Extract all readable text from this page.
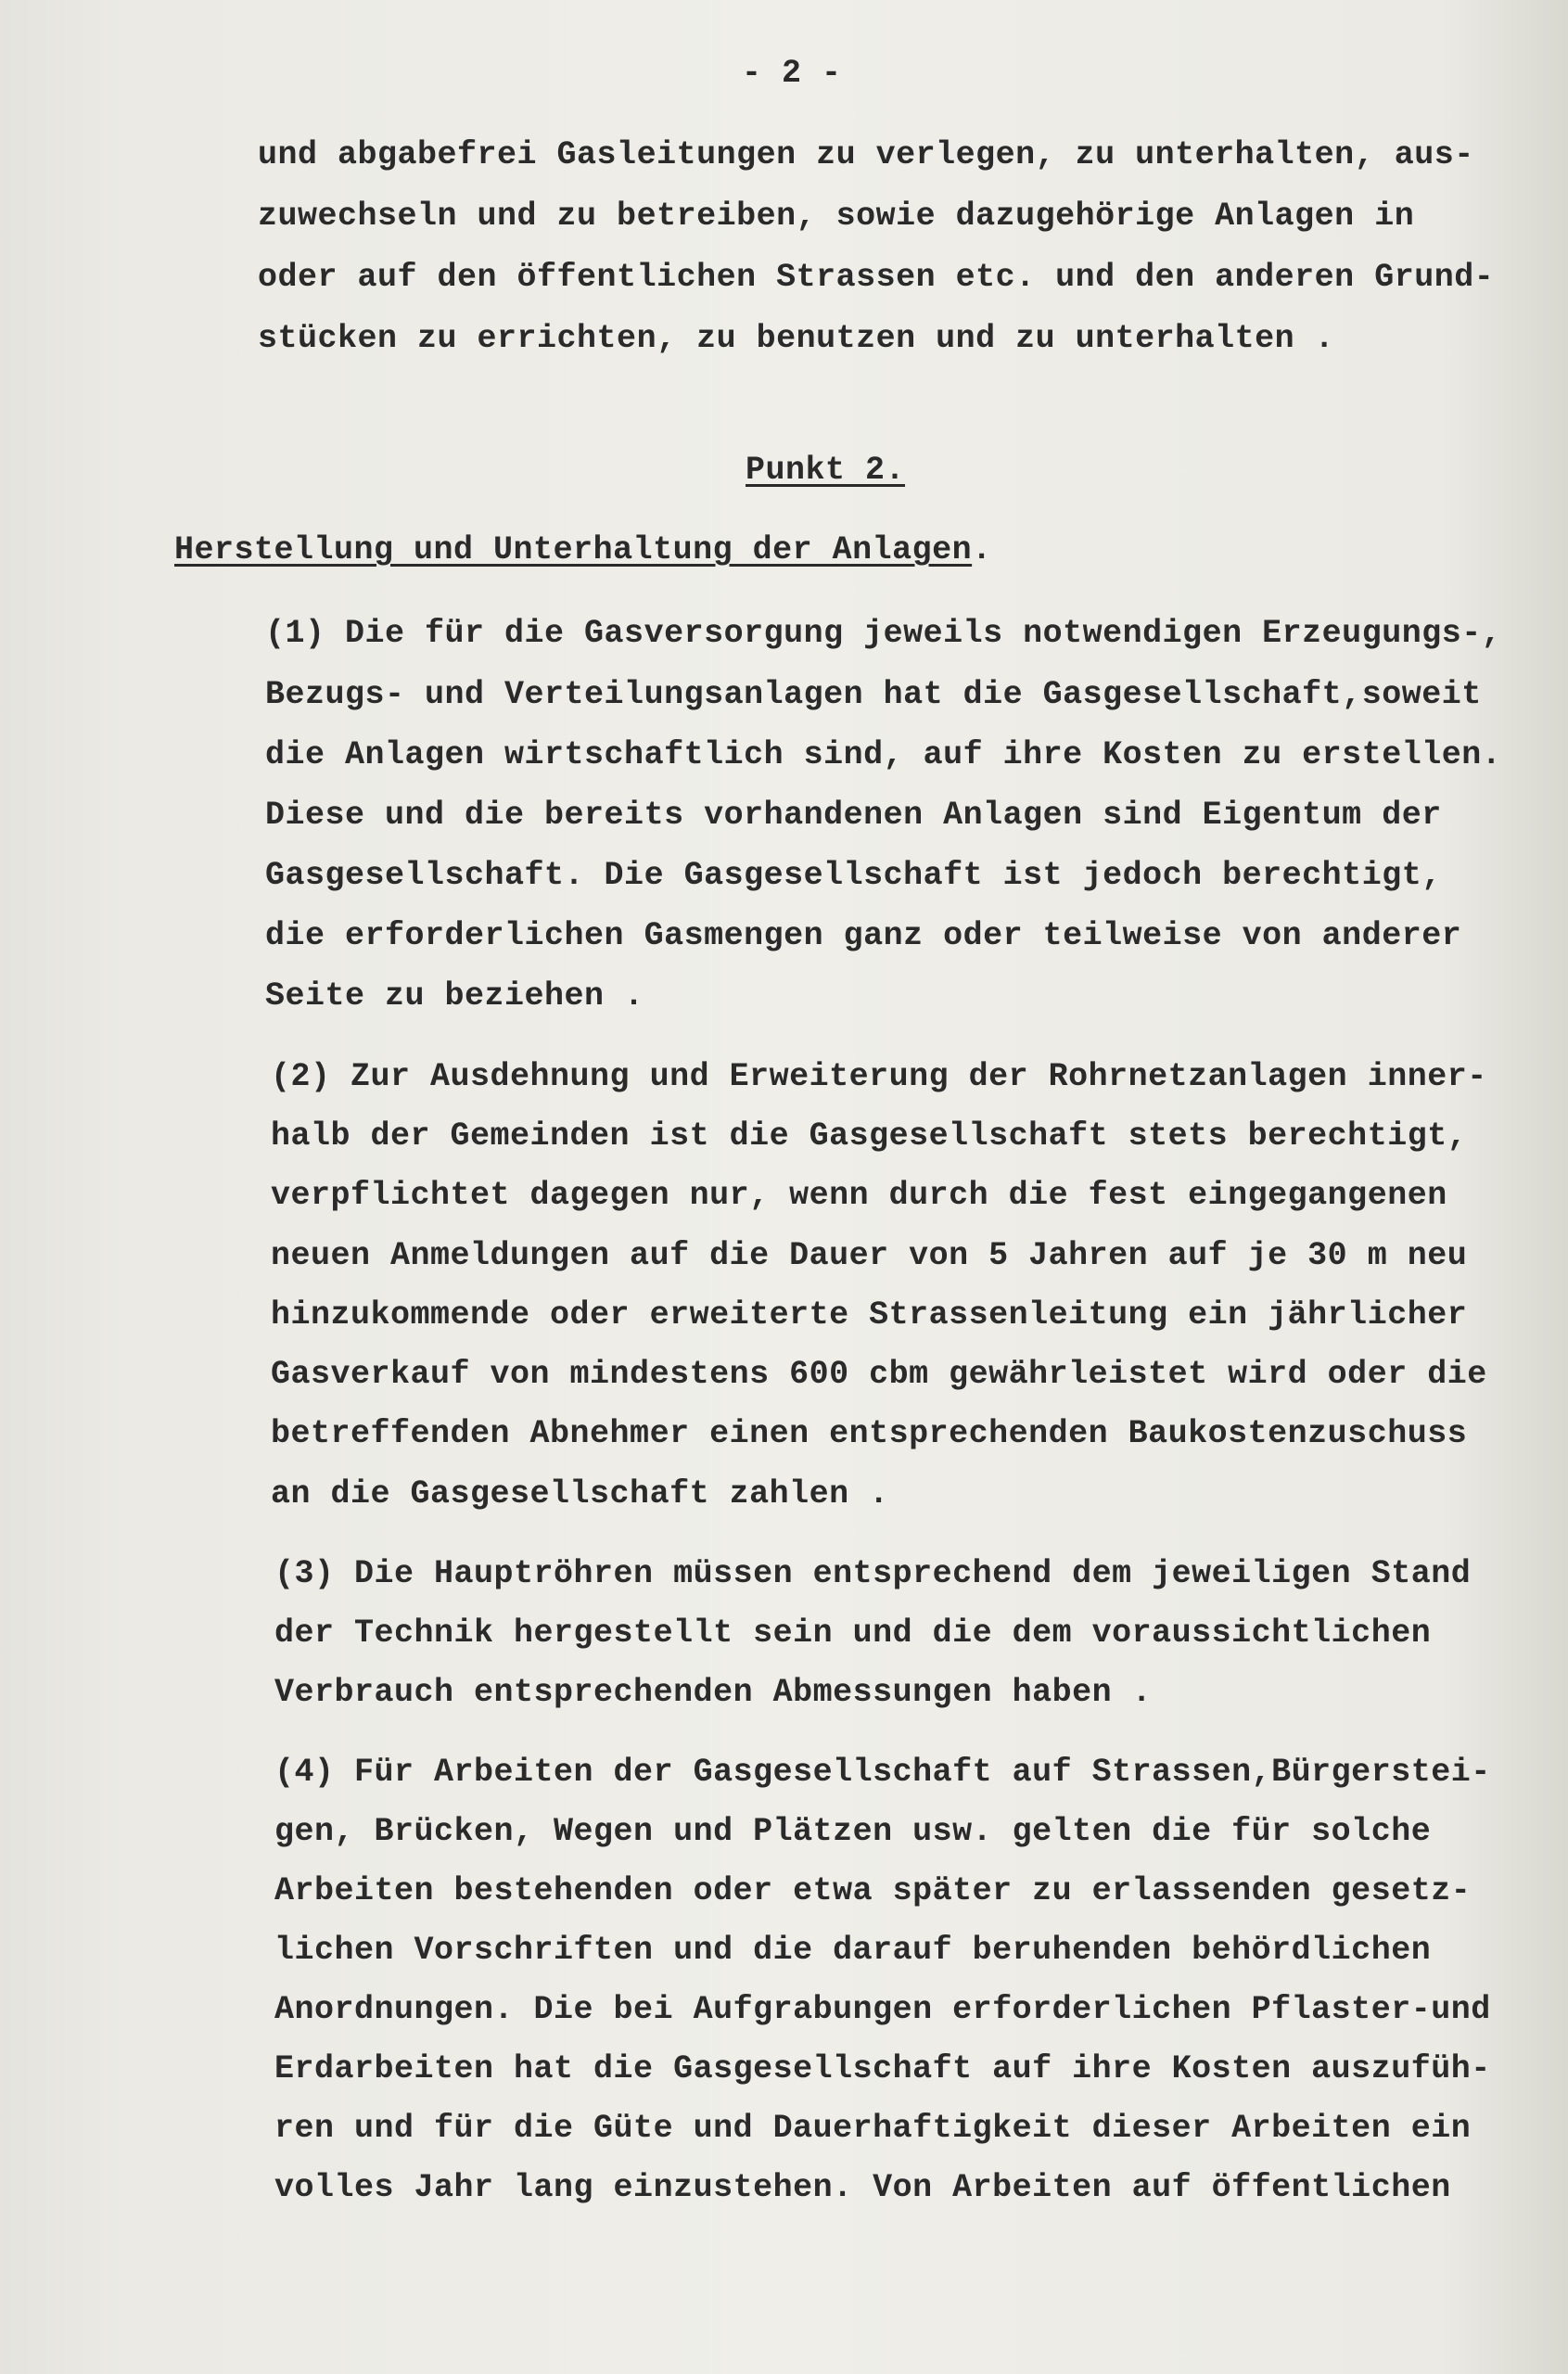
- 2 -
und abgabefrei Gasleitungen zu verlegen, zu unterhalten, aus-
zuwechseln und zu betreiben, sowie dazugehörige Anlagen in
oder auf den öffentlichen Strassen etc. und den anderen Grund-
stücken zu errichten, zu benutzen und zu unterhalten .
Punkt 2.
Herstellung und Unterhaltung der Anlagen.
(1) Die für die Gasversorgung jeweils notwendigen Erzeugungs-,
Bezugs- und Verteilungsanlagen hat die Gasgesellschaft,soweit
die Anlagen wirtschaftlich sind, auf ihre Kosten zu erstellen.
Diese und die bereits vorhandenen Anlagen sind Eigentum der
Gasgesellschaft. Die Gasgesellschaft ist jedoch berechtigt,
die erforderlichen Gasmengen ganz oder teilweise von anderer
Seite zu beziehen .
(2) Zur Ausdehnung und Erweiterung der Rohrnetzanlagen inner-
halb der Gemeinden ist die Gasgesellschaft stets berechtigt,
verpflichtet dagegen nur, wenn durch die fest eingegangenen
neuen Anmeldungen auf die Dauer von 5 Jahren auf je 30 m neu
hinzukommende oder erweiterte Strassenleitung ein jährlicher
Gasverkauf von mindestens 600 cbm gewährleistet wird oder die
betreffenden Abnehmer einen entsprechenden Baukostenzuschuss
an die Gasgesellschaft zahlen .
(3) Die Hauptröhren müssen entsprechend dem jeweiligen Stand
der Technik hergestellt sein und die dem voraussichtlichen
Verbrauch entsprechenden Abmessungen haben .
(4) Für Arbeiten der Gasgesellschaft auf Strassen,Bürgerstei-
gen, Brücken, Wegen und Plätzen usw. gelten die für solche
Arbeiten bestehenden oder etwa später zu erlassenden gesetz-
lichen Vorschriften und die darauf beruhenden behördlichen
Anordnungen. Die bei Aufgrabungen erforderlichen Pflaster-und
Erdarbeiten hat die Gasgesellschaft auf ihre Kosten auszufüh-
ren und für die Güte und Dauerhaftigkeit dieser Arbeiten ein
volles Jahr lang einzustehen. Von Arbeiten auf öffentlichen
